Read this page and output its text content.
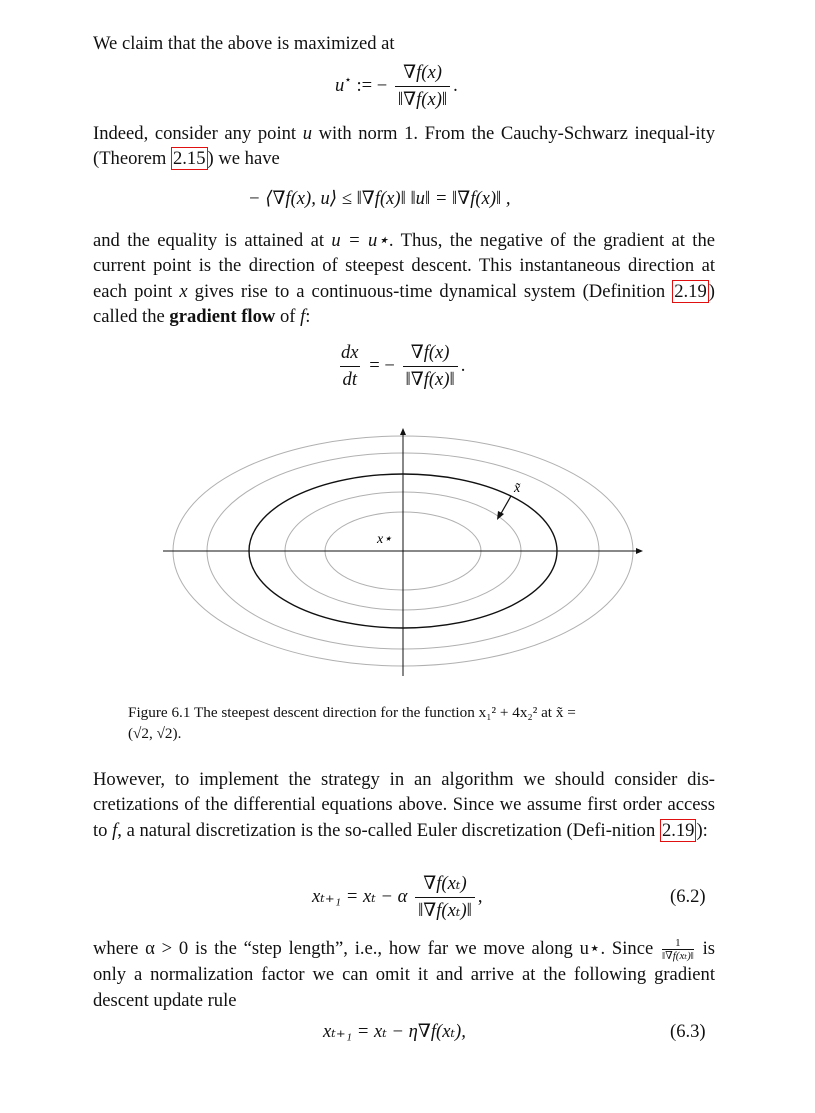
We claim that the above is maximized at

u⋆ := − $\frac{\nabla f(x)}{‖\nabla f(x)‖}$ .

Indeed, consider any point u with norm 1. From the Cauchy-Schwarz inequal-ity (Theorem 2.15 ) we have

− ⟨∇f(x), u⟩ ≤ ‖∇f(x)‖ ‖u‖ = ‖∇f(x)‖ ,

and the equality is attained at u = u⋆. Thus, the negative of the gradient at the current point is the direction of steepest descent. This instantaneous direction at each point x gives rise to a continuous-time dynamical system (Definition 2.19 ) called the gradient flow of f:

$\frac{dx}{dt}$ = − $\frac{\nabla f(x)}{‖\nabla f(x)‖}$ .
x⋆
x̃
Figure 6.1 The steepest descent direction for the function x₁² + 4x₂² at x̃ =
(√2, √2).

However, to implement the strategy in an algorithm we should consider dis-cretizations of the differential equations above. Since we assume first order access to f, a natural discretization is the so-called Euler discretization (Defi-nition 2.19 ):

xₜ₊₁ = xₜ − α $\frac{\text{∇f(xₜ)}}{\text{‖∇f(xₜ)‖}}$ ,	(6.2)

where α > 0 is the “step length”, i.e., how far we move along u⋆. Since $\frac{1}{\text{‖∇f(xₜ)‖}}$ is only a normalization factor we can omit it and arrive at the following gradient descent update rule

xₜ₊₁ = xₜ − η∇f(xₜ),	(6.3)
